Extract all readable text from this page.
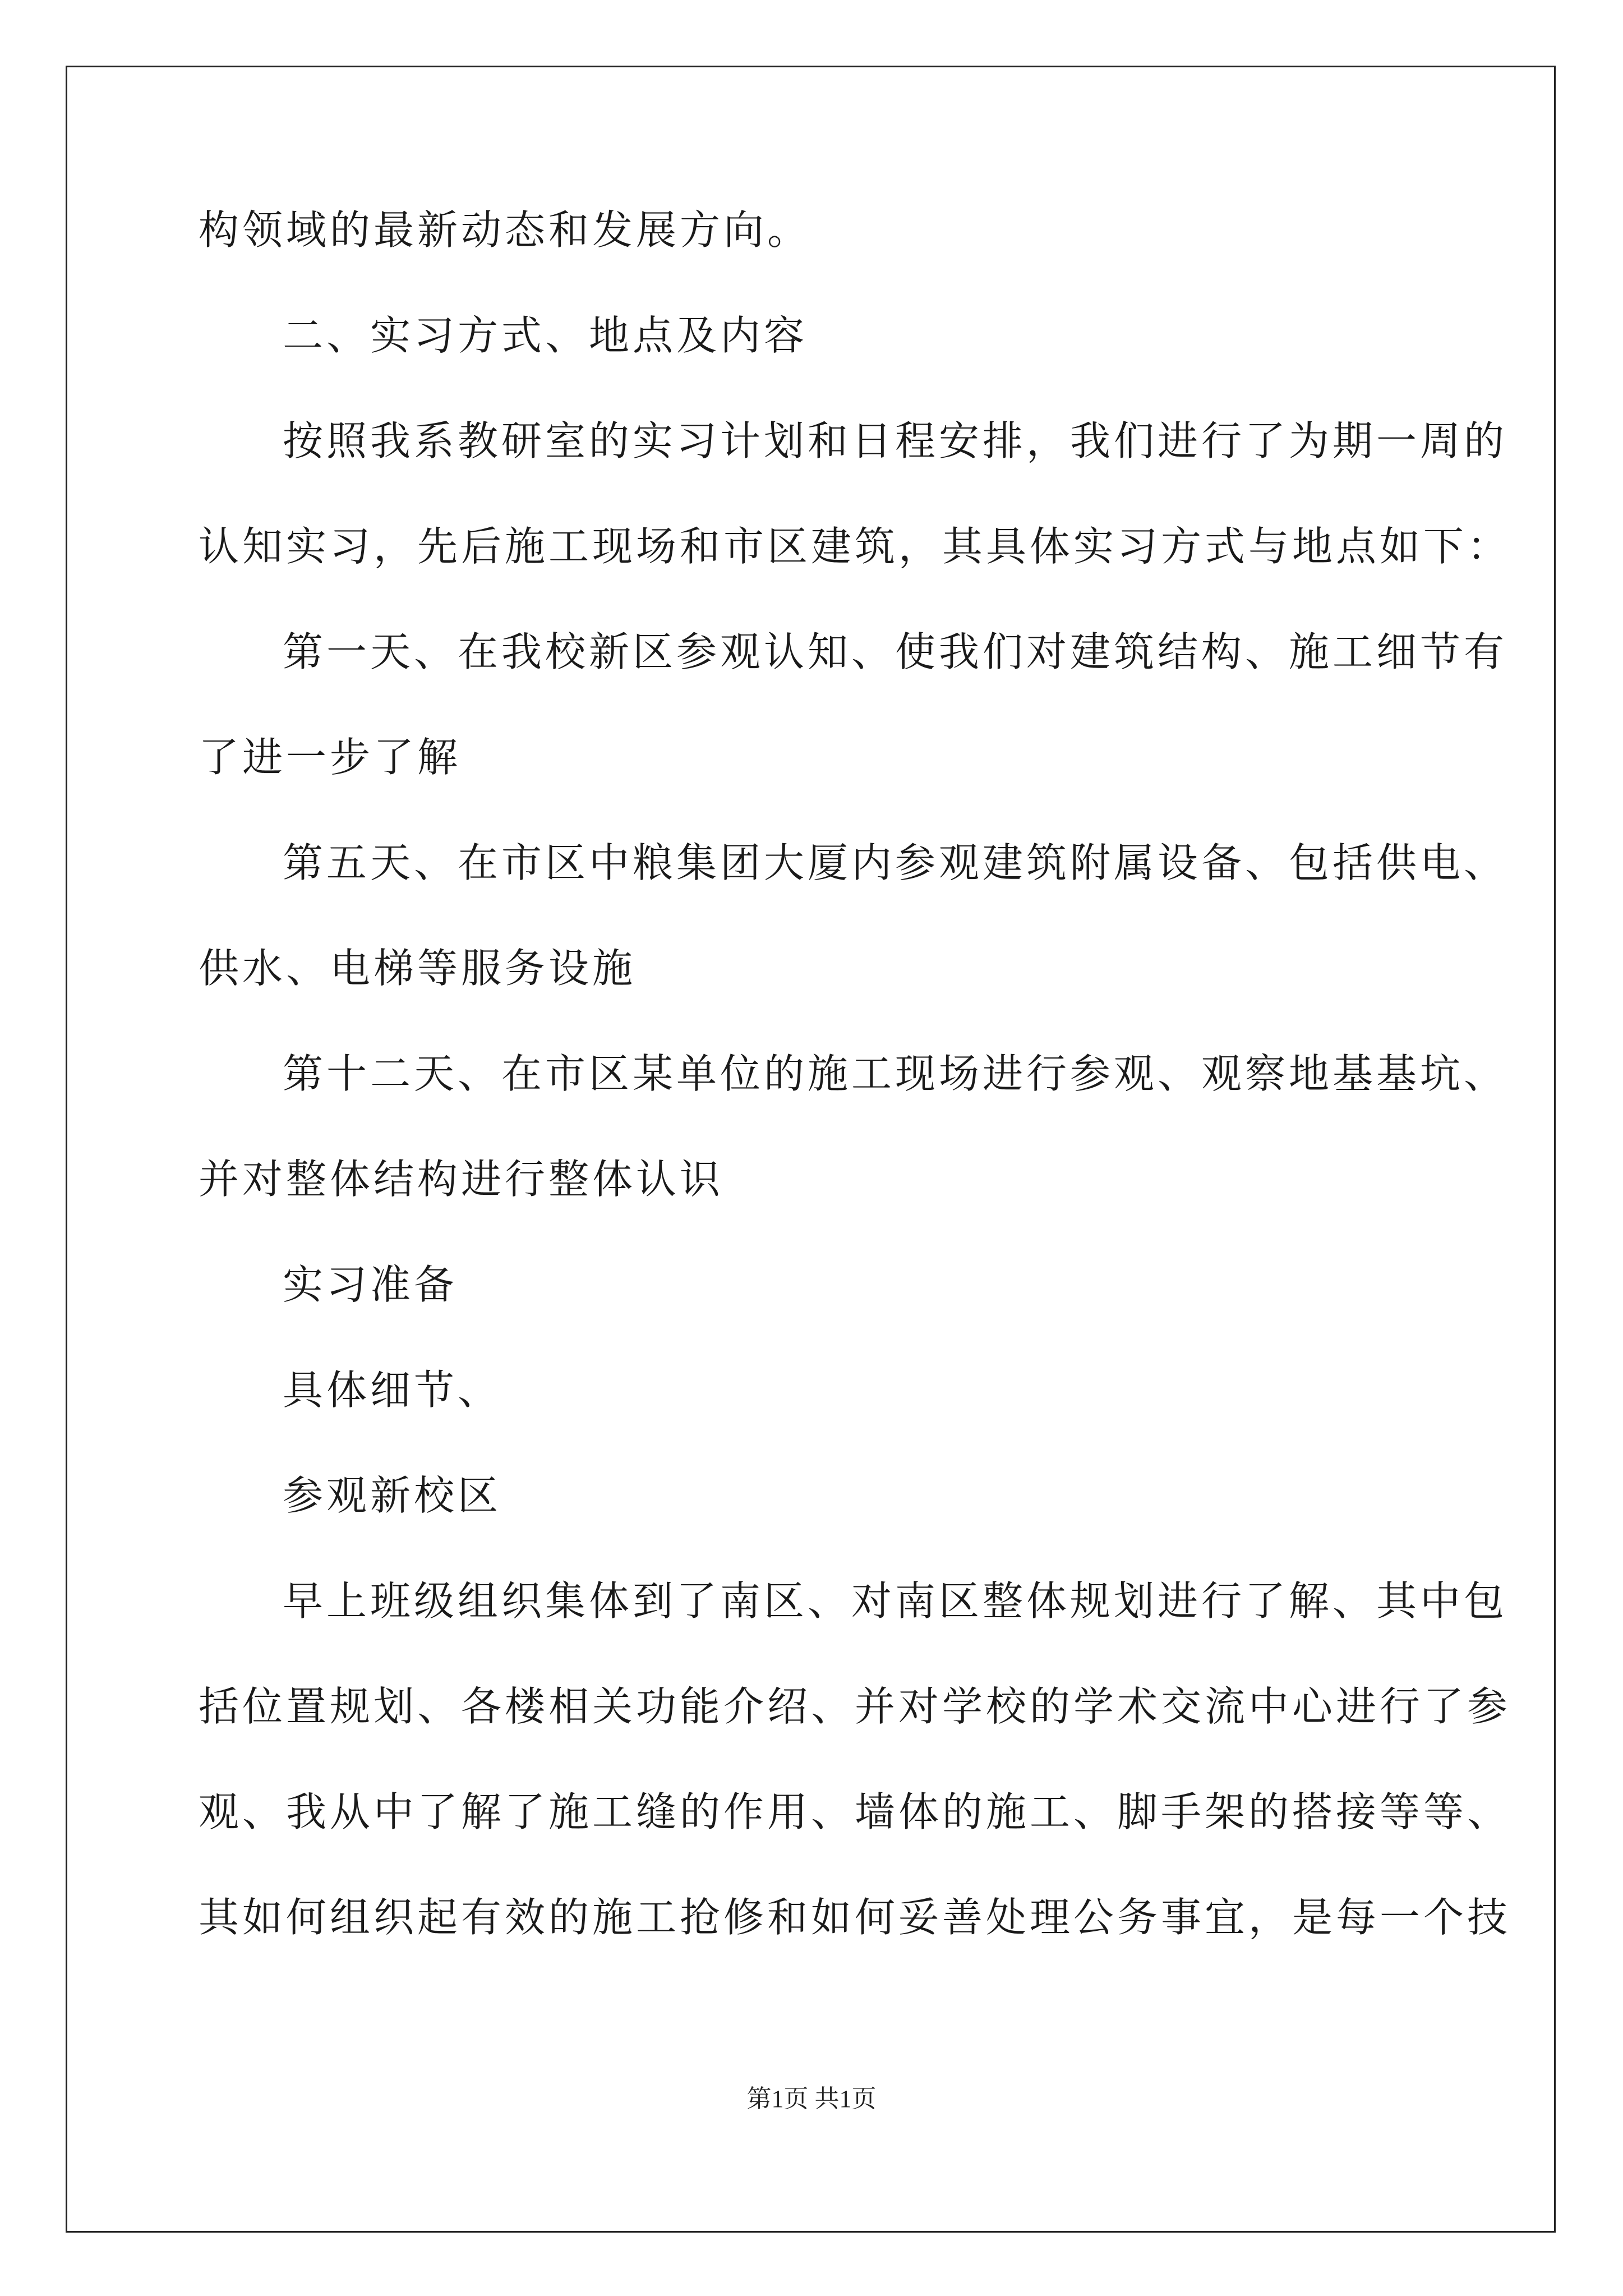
构领域的最新动态和发展方向。
二、实习方式、地点及内容
按照我系教研室的实习计划和日程安排，我们进行了为期一周的
认知实习，先后施工现场和市区建筑，其具体实习方式与地点如下：
第一天、在我校新区参观认知、使我们对建筑结构、施工细节有
了进一步了解
第五天、在市区中粮集团大厦内参观建筑附属设备、包括供电、
供水、电梯等服务设施
第十二天、在市区某单位的施工现场进行参观、观察地基基坑、
并对整体结构进行整体认识
实习准备
具体细节、
参观新校区
早上班级组织集体到了南区、对南区整体规划进行了解、其中包
括位置规划、各楼相关功能介绍、并对学校的学术交流中心进行了参
观、我从中了解了施工缝的作用、墙体的施工、脚手架的搭接等等、
其如何组织起有效的施工抢修和如何妥善处理公务事宜，是每一个技
第1页 共1页
